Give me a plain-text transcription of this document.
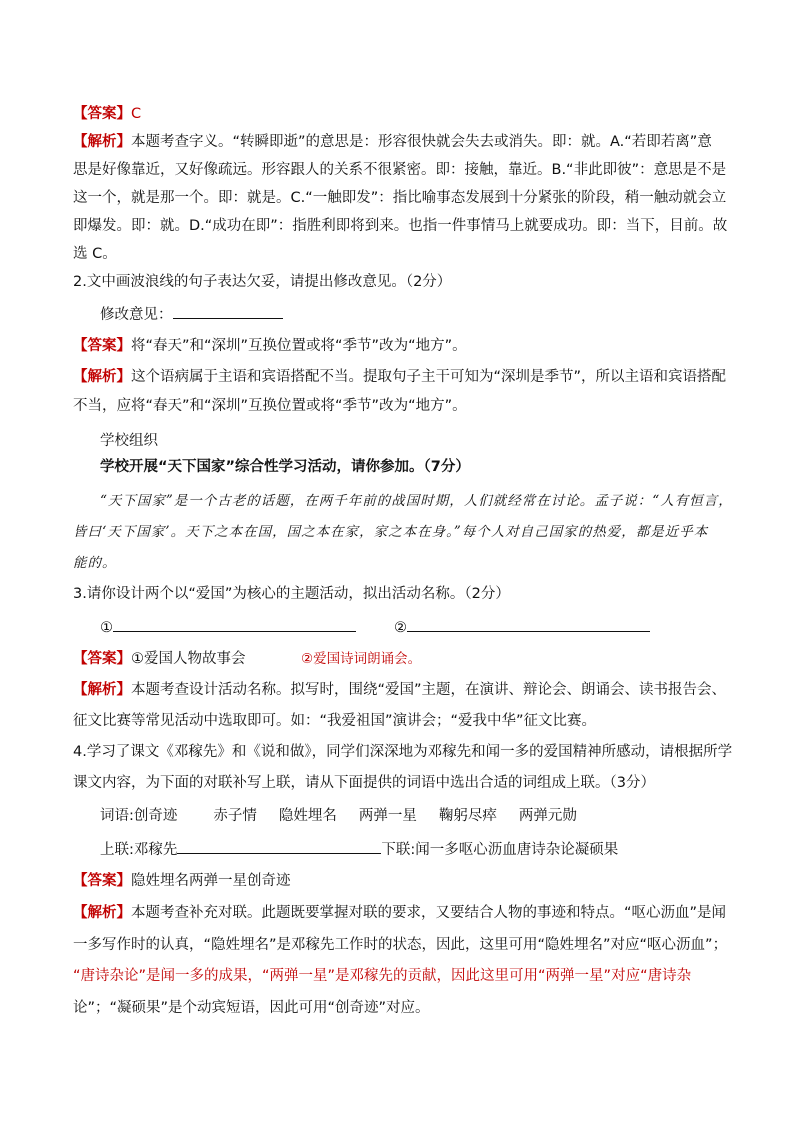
【答案】C
【解析】本题考查字义。“转瞬即逝”的意思是：形容很快就会失去或消失。即：就。A.“若即若离”意
思是好像靠近，又好像疏远。形容跟人的关系不很紧密。即：接触，靠近。B.“非此即彼”：意思是不是
这一个，就是那一个。即：就是。C.“一触即发”：指比喻事态发展到十分紧张的阶段，稍一触动就会立
即爆发。即：就。D.“成功在即”：指胜利即将到来。也指一件事情马上就要成功。即：当下，目前。故
选 C。
2.文中画波浪线的句子表达欠妥，请提出修改意见。（2分）
修改意见：
【答案】将“春天”和“深圳”互换位置或将“季节”改为“地方”。
【解析】这个语病属于主语和宾语搭配不当。提取句子主干可知为“深圳是季节”，所以主语和宾语搭配
不当，应将“春天”和“深圳”互换位置或将“季节”改为“地方”。
学校组织
学校开展“天下国家”综合性学习活动，请你参加。（7分）
“天下国家”是一个古老的话题，在两千年前的战国时期，人们就经常在讨论。孟子说：“人有恒言，
皆曰‘天下国家’。天下之本在国，国之本在家，家之本在身。”每个人对自己国家的热爱，都是近乎本
能的。
3.请你设计两个以“爱国”为核心的主题活动，拟出活动名称。（2分）
①	②
【答案】①爱国人物故事会	②爱国诗词朗诵会。
【解析】本题考查设计活动名称。拟写时，围绕“爱国”主题，在演讲、辩论会、朗诵会、读书报告会、
征文比赛等常见活动中选取即可。如：“我爱祖国”演讲会；“爱我中华”征文比赛。
4.学习了课文《邓稼先》和《说和做》，同学们深深地为邓稼先和闻一多的爱国精神所感动，请根据所学
课文内容，为下面的对联补写上联，请从下面提供的词语中选出合适的词组成上联。（3分）
词语:创奇迹 赤子情 隐姓埋名 两弹一星 鞠躬尽瘁 两弹元勋
上联:邓稼先	下联:闻一多呕心沥血唐诗杂论凝硕果
【答案】隐姓埋名两弹一星创奇迹
【解析】本题考查补充对联。此题既要掌握对联的要求，又要结合人物的事迹和特点。“呕心沥血”是闻
一多写作时的认真，“隐姓埋名”是邓稼先工作时的状态，因此，这里可用“隐姓埋名”对应“呕心沥血”；
“唐诗杂论”是闻一多的成果，“两弹一星”是邓稼先的贡献，因此这里可用“两弹一星”对应“唐诗杂
论”；“凝硕果”是个动宾短语，因此可用“创奇迹”对应。
